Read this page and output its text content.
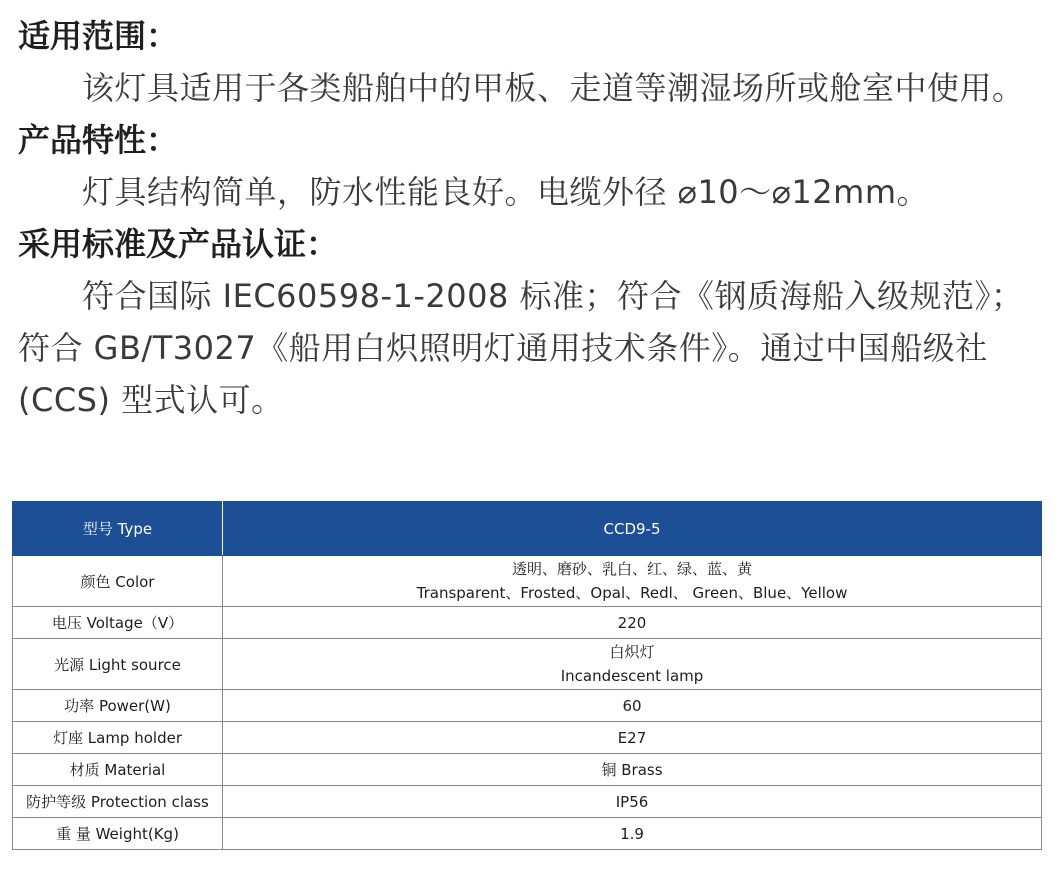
适用范围：

该灯具适用于各类船舶中的甲板、走道等潮湿场所或舱室中使用。

产品特性：

灯具结构简单，防水性能良好。电缆外径 ⌀10～⌀12mm。

采用标准及产品认证：

符合国际 IEC60598-1-2008 标准；符合《钢质海船入级规范》；符合 GB/T3027《船用白炽照明灯通用技术条件》。通过中国船级社 (CCS) 型式认可。

型号 Type	CCD9-5
颜色 Color	透明、磨砂、乳白、红、绿、蓝、黄
Transparent、Frosted、Opal、Redl、 Green、Blue、Yellow

电压 Voltage（V）	220
光源 Light source	白炽灯
Incandescent lamp

功率 Power(W)	60
灯座 Lamp holder	E27
材质 Material	铜 Brass
防护等级 Protection class	IP56
重 量 Weight(Kg)	1.9
